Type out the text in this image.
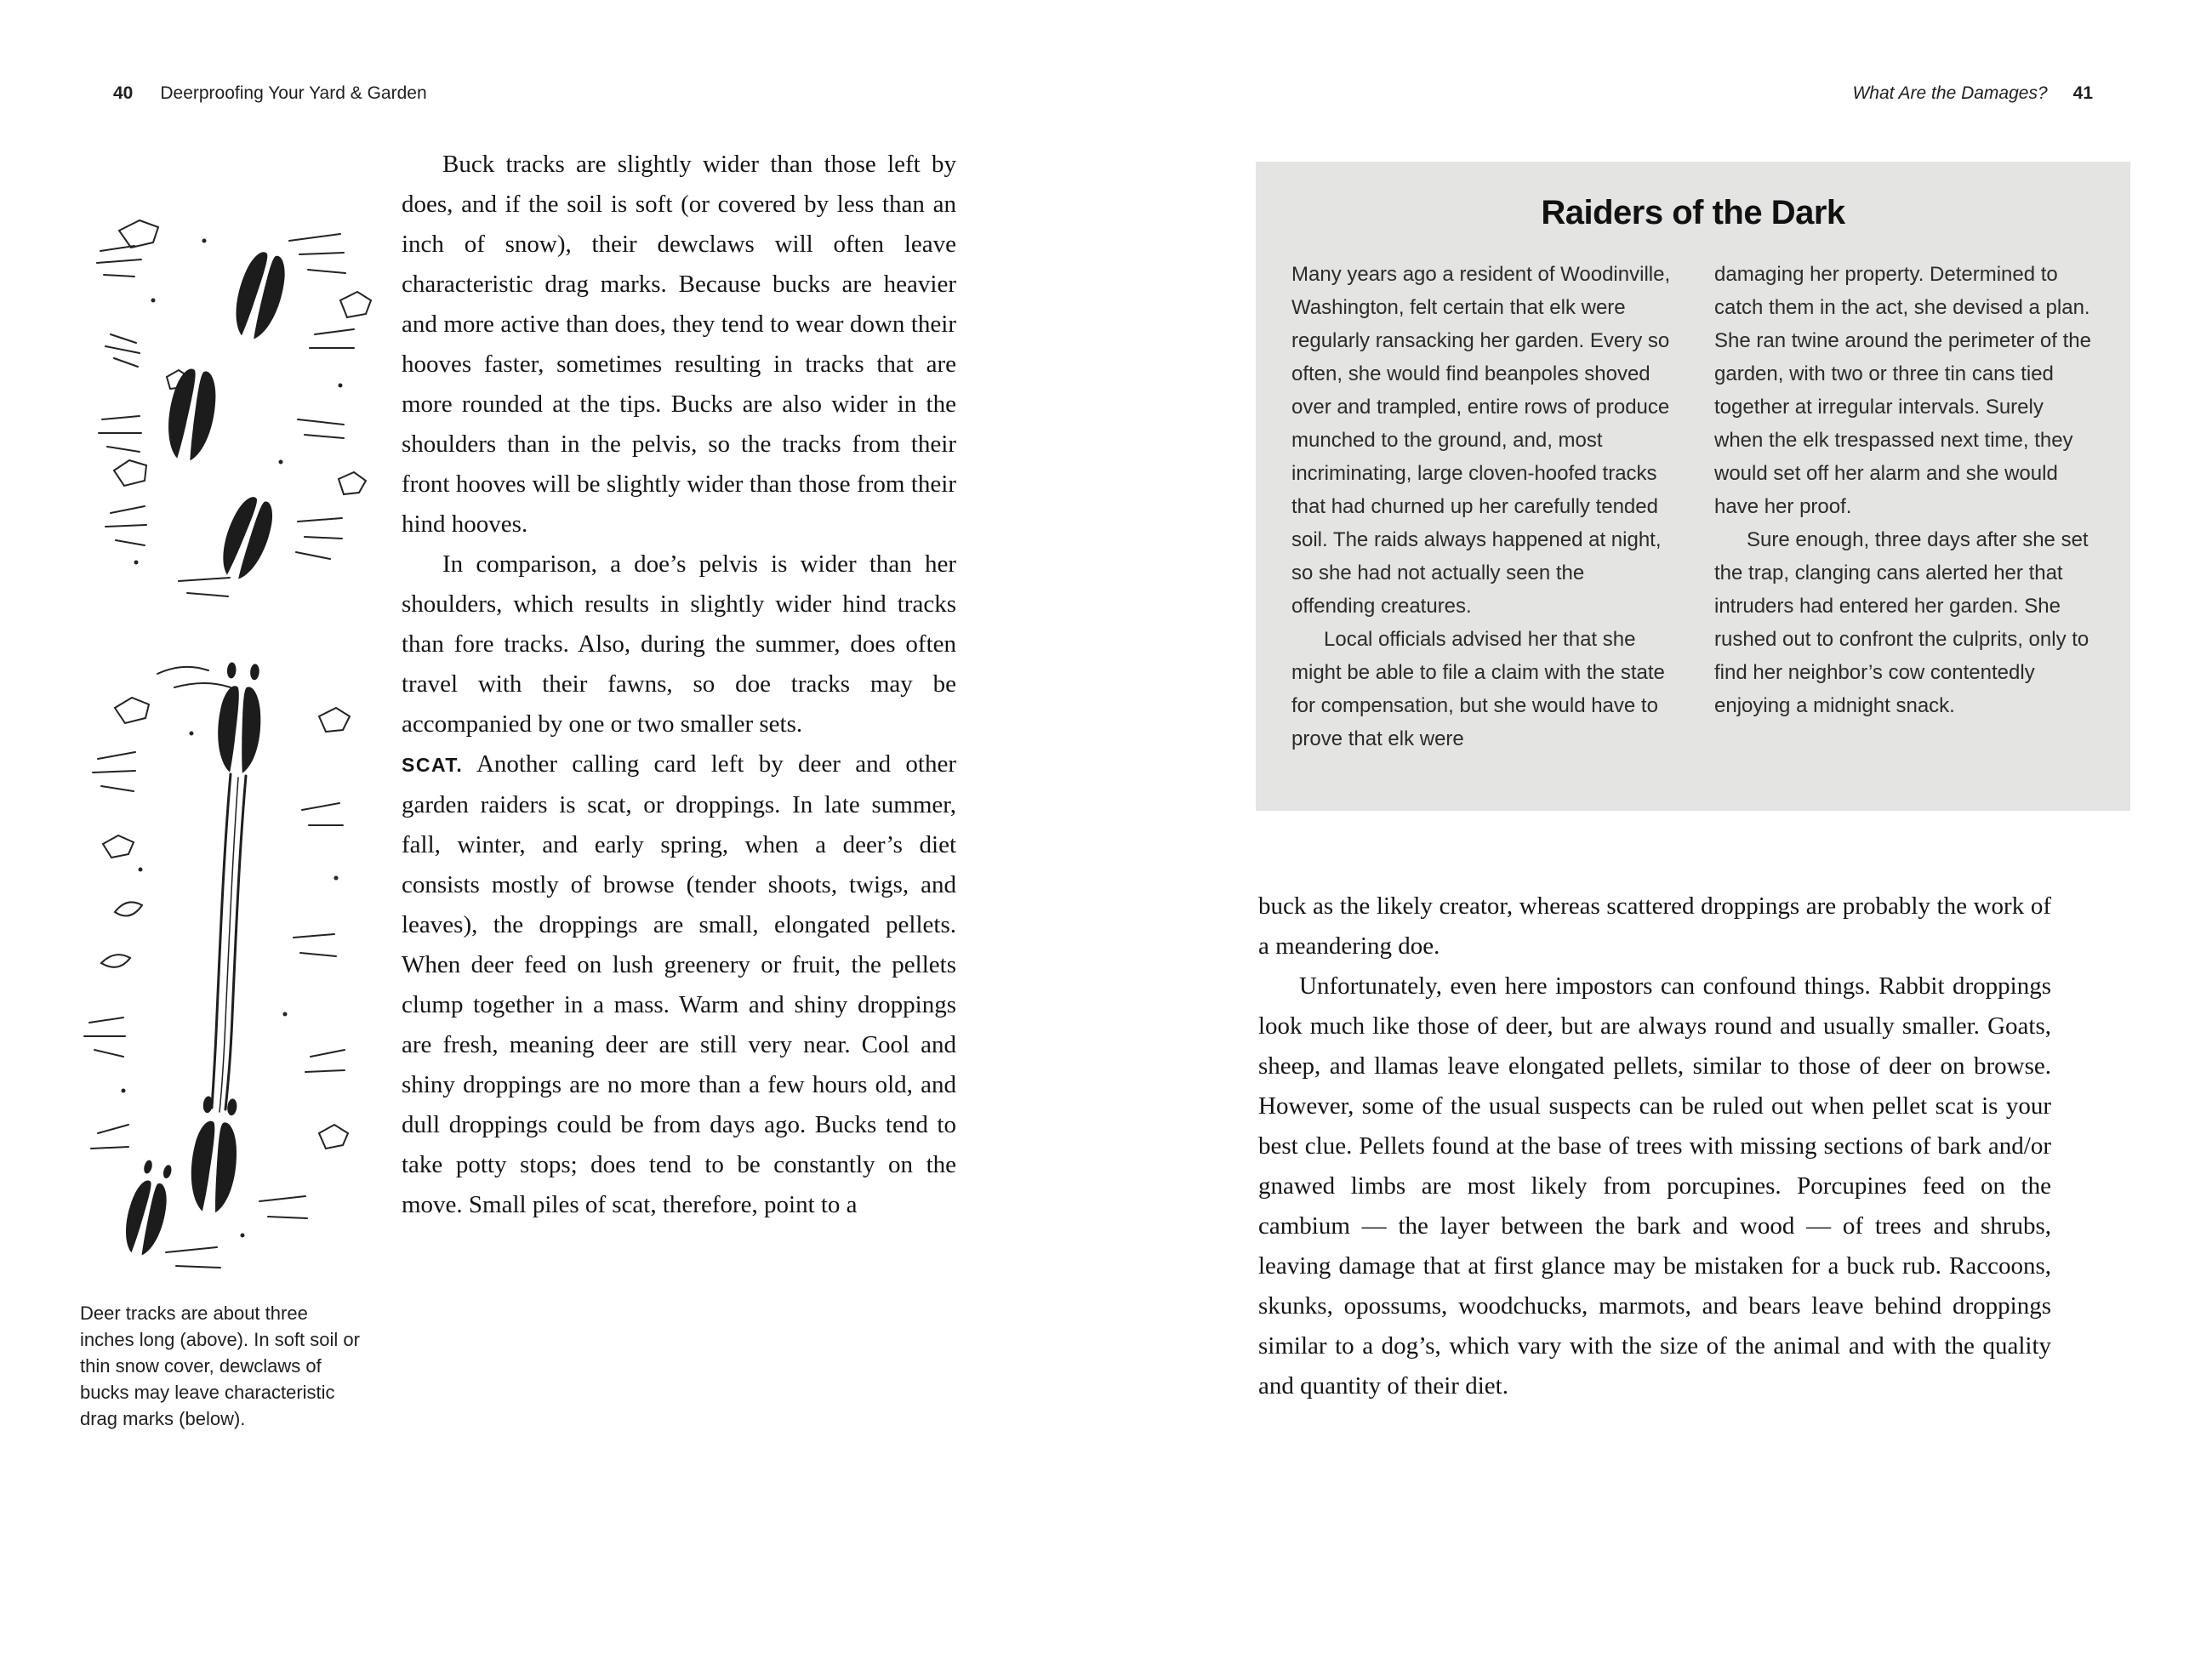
40 Deerproofing Your Yard & Garden	What Are the Damages? 41
Deer tracks are about three inches long (above). In soft soil or thin snow cover, dewclaws of bucks may leave characteristic drag marks (below).

Buck tracks are slightly wider than those left by does, and if the soil is soft (or covered by less than an inch of snow), their dewclaws will often leave characteristic drag marks. Because bucks are heavier and more active than does, they tend to wear down their hooves faster, sometimes resulting in tracks that are more rounded at the tips. Bucks are also wider in the shoulders than in the pelvis, so the tracks from their front hooves will be slightly wider than those from their hind hooves.

In comparison, a doe’s pelvis is wider than her shoulders, which results in slightly wider hind tracks than fore tracks. Also, during the summer, does often travel with their fawns, so doe tracks may be accompanied by one or two smaller sets.

SCAT. Another calling card left by deer and other garden raiders is scat, or droppings. In late summer, fall, winter, and early spring, when a deer’s diet consists mostly of browse (tender shoots, twigs, and leaves), the droppings are small, elongated pellets. When deer feed on lush greenery or fruit, the pellets clump together in a mass. Warm and shiny droppings are fresh, meaning deer are still very near. Cool and shiny droppings are no more than a few hours old, and dull droppings could be from days ago. Bucks tend to take potty stops; does tend to be constantly on the move. Small piles of scat, therefore, point to a

Raiders of the Dark

Many years ago a resident of Woodinville, Washington, felt certain that elk were regularly ransacking her garden. Every so often, she would find beanpoles shoved over and trampled, entire rows of produce munched to the ground, and, most incriminating, large cloven-hoofed tracks that had churned up her carefully tended soil. The raids always happened at night, so she had not actually seen the offending creatures.

Local officials advised her that she might be able to file a claim with the state for compensation, but she would have to prove that elk were

damaging her property. Determined to catch them in the act, she devised a plan. She ran twine around the perimeter of the garden, with two or three tin cans tied together at irregular intervals. Surely when the elk trespassed next time, they would set off her alarm and she would have her proof.

Sure enough, three days after she set the trap, clanging cans alerted her that intruders had entered her garden. She rushed out to confront the culprits, only to find her neighbor’s cow contentedly enjoying a midnight snack.

buck as the likely creator, whereas scattered droppings are probably the work of a meandering doe.

Unfortunately, even here impostors can confound things. Rabbit droppings look much like those of deer, but are always round and usually smaller. Goats, sheep, and llamas leave elongated pellets, similar to those of deer on browse. However, some of the usual suspects can be ruled out when pellet scat is your best clue. Pellets found at the base of trees with missing sections of bark and/or gnawed limbs are most likely from porcupines. Porcupines feed on the cambium — the layer between the bark and wood — of trees and shrubs, leaving damage that at first glance may be mistaken for a buck rub. Raccoons, skunks, opossums, woodchucks, marmots, and bears leave behind droppings similar to a dog’s, which vary with the size of the animal and with the quality and quantity of their diet.
